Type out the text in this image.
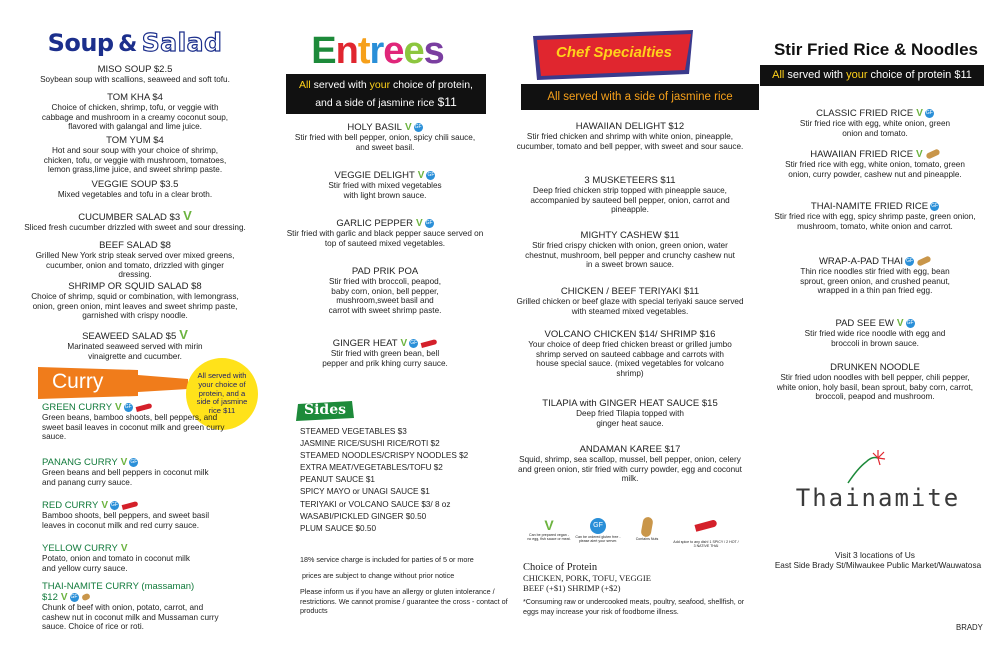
Soup & Salad
MISO SOUP $2.5
Soybean soup with scallions, seaweed and soft tofu.
TOM KHA $4
Choice of chicken, shrimp, tofu, or veggie with cabbage and mushroom in a creamy coconut soup, flavored with galangal and lime juice.
TOM YUM $4
Hot and sour soup with your choice of shrimp, chicken, tofu, or veggie with mushroom, tomatoes, lemon grass,lime juice, and sweet shrimp paste.
VEGGIE SOUP $3.5
Mixed vegetables and tofu in a clear broth.
CUCUMBER SALAD $3 V
Sliced fresh cucumber drizzled with sweet and sour dressing.
BEEF SALAD $8
Grilled New York strip steak served over mixed greens, cucumber, onion and tomato, drizzled with ginger dressing.
SHRIMP OR SQUID SALAD $8
Choice of shrimp, squid or combination, with lemongrass, onion, green onion, mint leaves and sweet shrimp paste, garnished with crispy noodle.
SEAWEED SALAD $5 V
Marinated seaweed served with mirin vinaigrette and cucumber.
Curry	All served with your choice of protein, and a side of jasmine rice $11
GREEN CURRY V GF
Green beans, bamboo shoots, bell peppers, and sweet basil leaves in coconut milk and green curry sauce.
PANANG CURRY V GF
Green beans and bell peppers in coconut milk and panang curry sauce.
RED CURRY V GF
Bamboo shoots, bell peppers, and sweet basil leaves in coconut milk and red curry sauce.
YELLOW CURRY V
Potato, onion and tomato in coconut milk and yellow curry sauce.
THAI-NAMITE CURRY (massaman) $12 V GF
Chunk of beef with onion, potato, carrot, and cashew nut in coconut milk and Mussaman curry sauce. Choice of rice or roti.
Entrees
All served with your choice of protein,
and a side of jasmine rice $11
HOLY BASIL V GF
Stir fried with bell pepper, onion, spicy chili sauce, and sweet basil.
VEGGIE DELIGHT V GF
Stir fried with mixed vegetables with light brown sauce.
GARLIC PEPPER V GF
Stir fried with garlic and black pepper sauce served on top of sauteed mixed vegetables.
PAD PRIK POA
Stir fried with broccoli, peapod, baby corn, onion, bell pepper, mushroom,sweet basil and carrot with sweet shrimp paste.
GINGER HEAT V GF
Stir fried with green bean, bell pepper and prik khing curry sauce.
Sides
STEAMED VEGETABLES $3
JASMINE RICE/SUSHI RICE/ROTI $2
STEAMED NOODLES/CRISPY NOODLES $2
EXTRA MEAT/VEGETABLES/TOFU $2
PEANUT SAUCE $1
SPICY MAYO or UNAGI SAUCE $1
TERIYAKI or VOLCANO SAUCE $3/ 8 oz
WASABI/PICKLED GINGER $0.50
PLUM SAUCE $0.50
18% service charge is included for parties of 5 or more
prices are subject to change without prior notice
Please inform us if you have an allergy or gluten intolerance / restrictions. We cannot promise / guarantee the cross - contact of products
Chef Specialties
All served with a side of jasmine rice
HAWAIIAN DELIGHT $12
Stir fried chicken and shrimp with white onion, pineapple, cucumber, tomato and bell pepper, with sweet and sour sauce.
3 MUSKETEERS $11
Deep fried chicken strip topped with pineapple sauce, accompanied by sauteed bell pepper, onion, carrot and pineapple.
MIGHTY CASHEW $11
Stir fried crispy chicken with onion, green onion, water chestnut, mushroom, bell pepper and crunchy cashew nut in a sweet brown sauce.
CHICKEN / BEEF TERIYAKI $11
Grilled chicken or beef glaze with special teriyaki sauce served with steamed mixed vegetables.
VOLCANO CHICKEN $14/ SHRIMP $16
Your choice of deep fried chicken breast or grilled jumbo shrimp served on sauteed cabbage and carrots with house special sauce. (mixed vegetables for volcano shrimp)
TILAPIA with GINGER HEAT SAUCE $15
Deep fried Tilapia topped with ginger heat sauce.
ANDAMAN KAREE $17
Squid, shrimp, sea scallop, mussel, bell pepper, onion, celery and green onion, stir fried with curry powder, egg and coconut milk.
V
Can be prepared vegan - no egg, fish sauce or meat.
GF
Can be ordered gluten free - please alert your server.
Contains Nuts
Add spice to any dish! 1 SPICY / 2 HOT / 3 NATIVE THAI
Choice of Protein
CHICKEN, PORK, TOFU, VEGGIE
BEEF (+$1) SHRIMP (+$2)
*Consuming raw or undercooked meats, poultry, seafood, shellfish, or eggs may increase your risk of foodborne illness.
Stir Fried Rice & Noodles
All served with your choice of protein $11
CLASSIC FRIED RICE V GF
Stir fried rice with egg, white onion, green onion and tomato.
HAWAIIAN FRIED RICE V
Stir fried rice with egg, white onion, tomato, green onion, curry powder, cashew nut and pineapple.
THAI-NAMITE FRIED RICE GF
Stir fried rice with egg, spicy shrimp paste, green onion, mushroom, tomato, white onion and carrot.
WRAP-A-PAD THAI GF
Thin rice noodles stir fried with egg, bean sprout, green onion, and crushed peanut, wrapped in a thin pan fried egg.
PAD SEE EW V GF
Stir fried wide rice noodle with egg and broccoli in brown sauce.
DRUNKEN NOODLE
Stir fried udon noodles with bell pepper, chili pepper, white onion, holy basil, bean sprout, baby corn, carrot, broccoli, peapod and mushroom.
Thainamite
Visit 3 locations of Us
East Side Brady St/Milwaukee Public Market/Wauwatosa
BRADY
